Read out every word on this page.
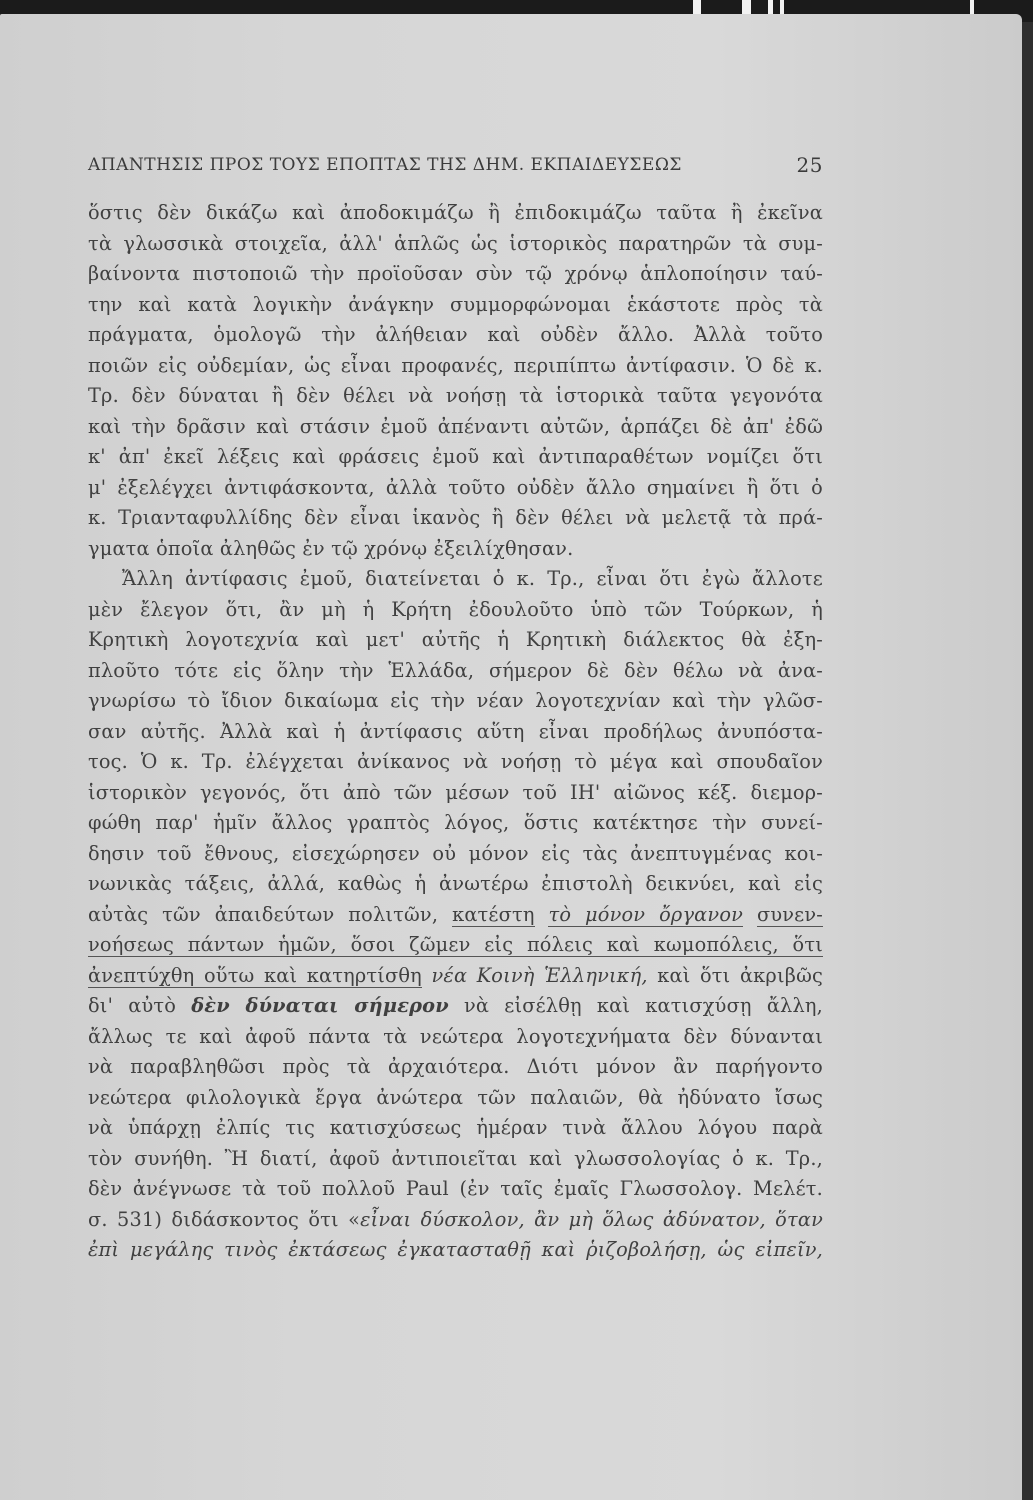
ΑΠΑΝΤΗΣΙΣ ΠΡΟΣ ΤΟΥΣ ΕΠΟΠΤΑΣ ΤΗΣ ΔΗΜ. ΕΚΠΑΙΔΕΥΣΕΩΣ	25
ὅστις δὲν δικάζω καὶ ἀποδοκιμάζω ἢ ἐπιδοκιμάζω ταῦτα ἢ ἐκεῖνα
τὰ γλωσσικὰ στοιχεῖα, ἀλλ' ἁπλῶς ὡς ἱστορικὸς παρατηρῶν τὰ συμ-
βαίνοντα πιστοποιῶ τὴν προϊοῦσαν σὺν τῷ χρόνῳ ἁπλοποίησιν ταύ-
την καὶ κατὰ λογικὴν ἀνάγκην συμμορφώνομαι ἑκάστοτε πρὸς τὰ
πράγματα, ὁμολογῶ τὴν ἀλήθειαν καὶ οὐδὲν ἄλλο. Ἀλλὰ τοῦτο
ποιῶν εἰς οὐδεμίαν, ὡς εἶναι προφανές, περιπίπτω ἀντίφασιν. Ὁ δὲ κ.
Τρ. δὲν δύναται ἢ δὲν θέλει νὰ νοήσῃ τὰ ἱστορικὰ ταῦτα γεγονότα
καὶ τὴν δρᾶσιν καὶ στάσιν ἐμοῦ ἀπέναντι αὐτῶν, ἁρπάζει δὲ ἀπ' ἐδῶ
κ' ἀπ' ἐκεῖ λέξεις καὶ φράσεις ἐμοῦ καὶ ἀντιπαραθέτων νομίζει ὅτι
μ' ἐξελέγχει ἀντιφάσκοντα, ἀλλὰ τοῦτο οὐδὲν ἄλλο σημαίνει ἢ ὅτι ὁ
κ. Τριανταφυλλίδης δὲν εἶναι ἱκανὸς ἢ δὲν θέλει νὰ μελετᾷ τὰ πρά-
γματα ὁποῖα ἀληθῶς ἐν τῷ χρόνῳ ἐξειλίχθησαν.
Ἄλλη ἀντίφασις ἐμοῦ, διατείνεται ὁ κ. Τρ., εἶναι ὅτι ἐγὼ ἄλλοτε
μὲν ἔλεγον ὅτι, ἂν μὴ ἡ Κρήτη ἐδουλοῦτο ὑπὸ τῶν Τούρκων, ἡ
Κρητικὴ λογοτεχνία καὶ μετ' αὐτῆς ἡ Κρητικὴ διάλεκτος θὰ ἐξη-
πλοῦτο τότε εἰς ὅλην τὴν Ἑλλάδα, σήμερον δὲ δὲν θέλω νὰ ἀνα-
γνωρίσω τὸ ἴδιον δικαίωμα εἰς τὴν νέαν λογοτεχνίαν καὶ τὴν γλῶσ-
σαν αὐτῆς. Ἀλλὰ καὶ ἡ ἀντίφασις αὕτη εἶναι προδήλως ἀνυπόστα-
τος. Ὁ κ. Τρ. ἐλέγχεται ἀνίκανος νὰ νοήσῃ τὸ μέγα καὶ σπουδαῖον
ἱστορικὸν γεγονός, ὅτι ἀπὸ τῶν μέσων τοῦ ΙΗ' αἰῶνος κέξ. διεμορ-
φώθη παρ' ἡμῖν ἄλλος γραπτὸς λόγος, ὅστις κατέκτησε τὴν συνεί-
δησιν τοῦ ἔθνους, εἰσεχώρησεν οὐ μόνον εἰς τὰς ἀνεπτυγμένας κοι-
νωνικὰς τάξεις, ἀλλά, καθὼς ἡ ἀνωτέρω ἐπιστολὴ δεικνύει, καὶ εἰς
αὐτὰς τῶν ἀπαιδεύτων πολιτῶν, κατέστη τὸ μόνον ὄργανον συνεν-
νοήσεως πάντων ἡμῶν, ὅσοι ζῶμεν εἰς πόλεις καὶ κωμοπόλεις, ὅτι
ἀνεπτύχθη οὕτω καὶ κατηρτίσθη νέα Κοινὴ Ἑλληνική, καὶ ὅτι ἀκριβῶς
δι' αὐτὸ δὲν δύναται σήμερον νὰ εἰσέλθῃ καὶ κατισχύσῃ ἄλλη,
ἄλλως τε καὶ ἀφοῦ πάντα τὰ νεώτερα λογοτεχνήματα δὲν δύνανται
νὰ παραβληθῶσι πρὸς τὰ ἀρχαιότερα. Διότι μόνον ἂν παρήγοντο
νεώτερα φιλολογικὰ ἔργα ἀνώτερα τῶν παλαιῶν, θὰ ἠδύνατο ἴσως
νὰ ὑπάρχῃ ἐλπίς τις κατισχύσεως ἡμέραν τινὰ ἄλλου λόγου παρὰ
τὸν συνήθη. Ἢ διατί, ἀφοῦ ἀντιποιεῖται καὶ γλωσσολογίας ὁ κ. Τρ.,
δὲν ἀνέγνωσε τὰ τοῦ πολλοῦ Paul (ἐν ταῖς ἐμαῖς Γλωσσολογ. Μελέτ.
σ. 531) διδάσκοντος ὅτι «εἶναι δύσκολον, ἂν μὴ ὅλως ἀδύνατον, ὅταν
ἐπὶ μεγάλης τινὸς ἐκτάσεως ἐγκατασταθῇ καὶ ῥιζοβολήσῃ, ὡς εἰπεῖν,
